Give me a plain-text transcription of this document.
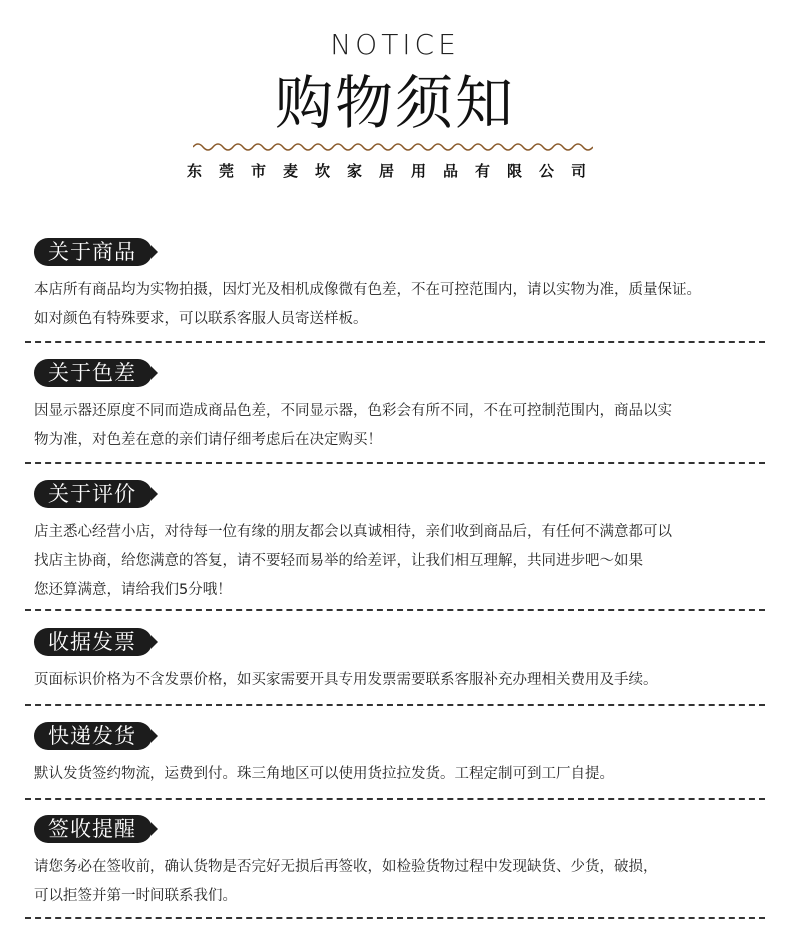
NOTICE
购物须知
东莞市麦坎家居用品有限公司
关于商品

本店所有商品均为实物拍摄，因灯光及相机成像微有色差，不在可控范围内，请以实物为准，质量保证。

如对颜色有特殊要求，可以联系客服人员寄送样板。

关于色差

因显示器还原度不同而造成商品色差，不同显示器，色彩会有所不同，不在可控制范围内，商品以实

物为准，对色差在意的亲们请仔细考虑后在决定购买！

关于评价

店主悉心经营小店，对待每一位有缘的朋友都会以真诚相待，亲们收到商品后，有任何不满意都可以

找店主协商，给您满意的答复，请不要轻而易举的给差评，让我们相互理解，共同进步吧～如果

您还算满意，请给我们5分哦！

收据发票

页面标识价格为不含发票价格，如买家需要开具专用发票需要联系客服补充办理相关费用及手续。

快递发货

默认发货签约物流，运费到付。珠三角地区可以使用货拉拉发货。工程定制可到工厂自提。

签收提醒

请您务必在签收前，确认货物是否完好无损后再签收，如检验货物过程中发现缺货、少货，破损，

可以拒签并第一时间联系我们。
